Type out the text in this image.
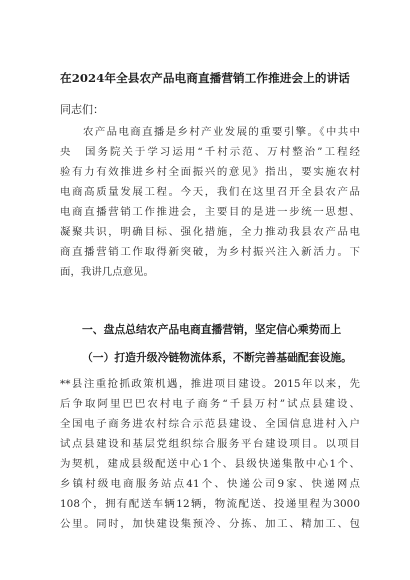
在2024年全县农产品电商直播营销工作推进会上的讲话
同志们：
农产品电商直播是乡村产业发展的重要引擎。《中共中
央　国务院关于学习运用“千村示范、万村整治”工程经
验有力有效推进乡村全面振兴的意见》指出，要实施农村
电商高质量发展工程。今天，我们在这里召开全县农产品
电商直播营销工作推进会，主要目的是进一步统一思想、
凝聚共识，明确目标、强化措施，全力推动我县农产品电
商直播营销工作取得新突破，为乡村振兴注入新活力。下
面，我讲几点意见。
一、盘点总结农产品电商直播营销，坚定信心乘势而上
（一）打造升级冷链物流体系，不断完善基础配套设施。
**县注重抢抓政策机遇，推进项目建设。2015年以来，先
后争取阿里巴巴农村电子商务“千县万村”试点县建设、
全国电子商务进农村综合示范县建设、全国信息进村入户
试点县建设和基层党组织综合服务平台建设项目。以项目
为契机，建成县级配送中心1个、县级快递集散中心1个、
乡镇村级电商服务站点41个、快递公司9家、快递网点
108个，拥有配送车辆12辆，物流配送、投递里程为3000
公里。同时，加快建设集预冷、分拣、加工、精加工、包
